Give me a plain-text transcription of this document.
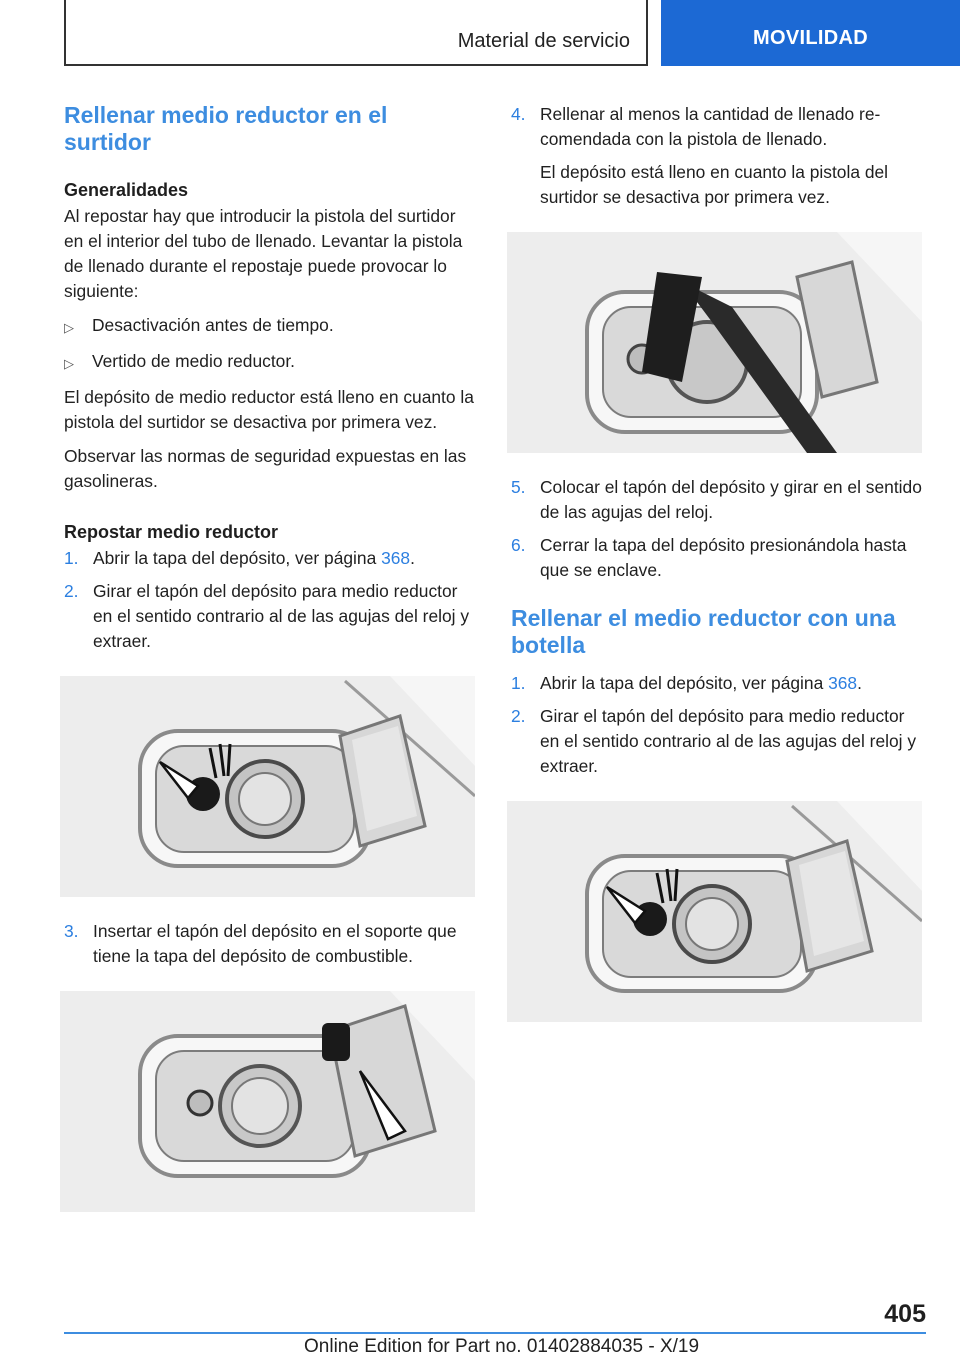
Material de servicio	MOVILIDAD
Rellenar medio reductor en el surtidor
Generalidades

Al repostar hay que introducir la pistola del surtidor en el interior del tubo de llenado. Levantar la pistola de llenado durante el repostaje puede provocar lo siguiente:

▷	Desactivación antes de tiempo.
▷	Vertido de medio reductor.

El depósito de medio reductor está lleno en cuanto la pistola del surtidor se desactiva por primera vez.

Observar las normas de seguridad expuestas en las gasolineras.

Repostar medio reductor
1. Abrir la tapa del depósito, ver página 368.
2. Girar el tapón del depósito para medio reductor en el sentido contrario al de las agujas del reloj y extraer.
3. Insertar el tapón del depósito en el soporte que tiene la tapa del depósito de combustible.
4. Rellenar al menos la cantidad de llenado recomendada con la pistola de llenado.
El depósito está lleno en cuanto la pistola del surtidor se desactiva por primera vez.
5. Colocar el tapón del depósito y girar en el sentido de las agujas del reloj.
6. Cerrar la tapa del depósito presionándola hasta que se enclave.
Rellenar el medio reductor con una botella
1. Abrir la tapa del depósito, ver página 368.
2. Girar el tapón del depósito para medio reductor en el sentido contrario al de las agujas del reloj y extraer.
405
Online Edition for Part no. 01402884035 - X/19
